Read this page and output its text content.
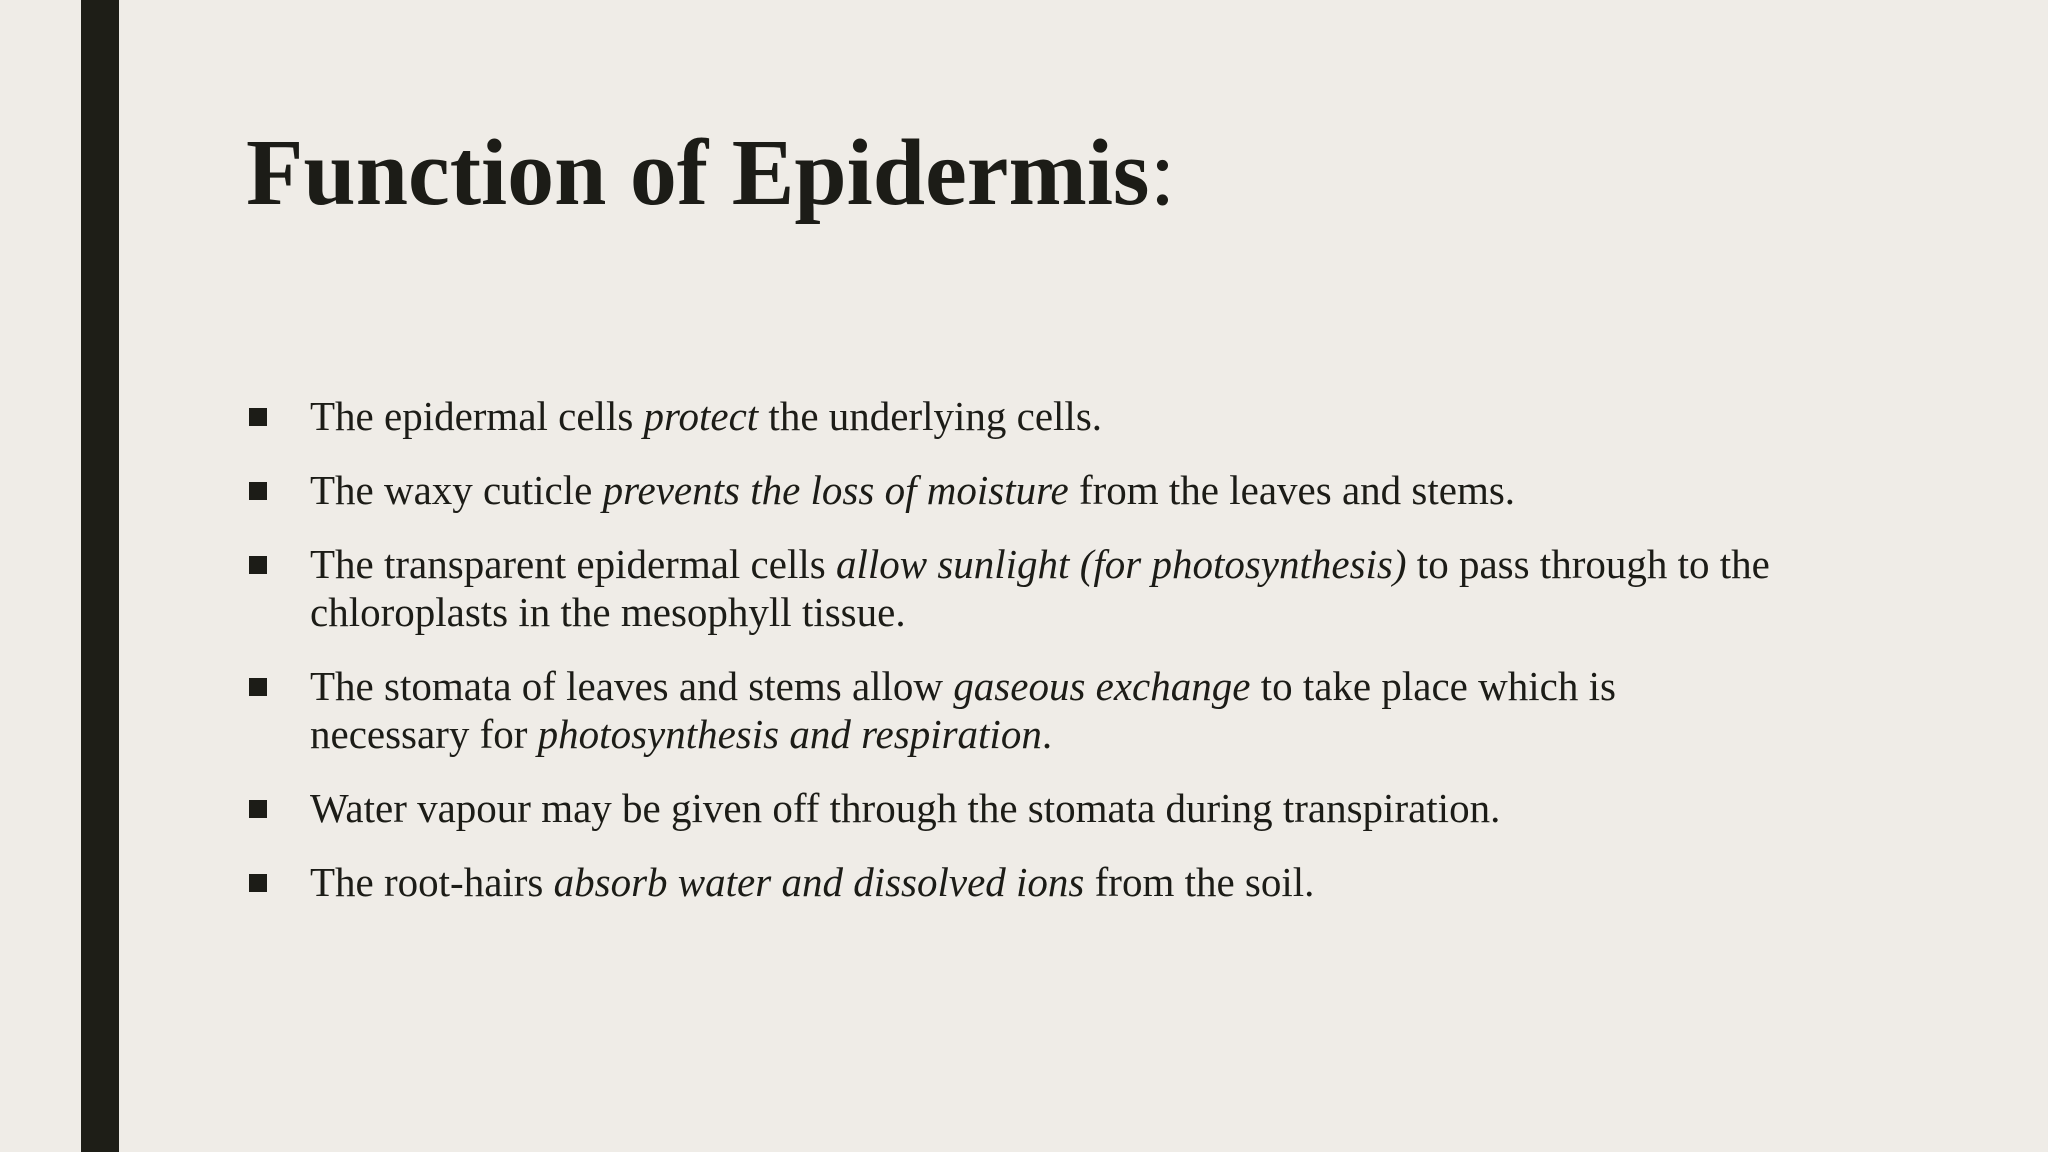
Function of Epidermis:
The epidermal cells protect the underlying cells.
The waxy cuticle prevents the loss of moisture from the leaves and stems.
The transparent epidermal cells allow sunlight (for photosynthesis) to pass through to the
chloroplasts in the mesophyll tissue.
The stomata of leaves and stems allow gaseous exchange to take place which is
necessary for photosynthesis and respiration.
Water vapour may be given off through the stomata during transpiration.
The root-hairs absorb water and dissolved ions from the soil.
